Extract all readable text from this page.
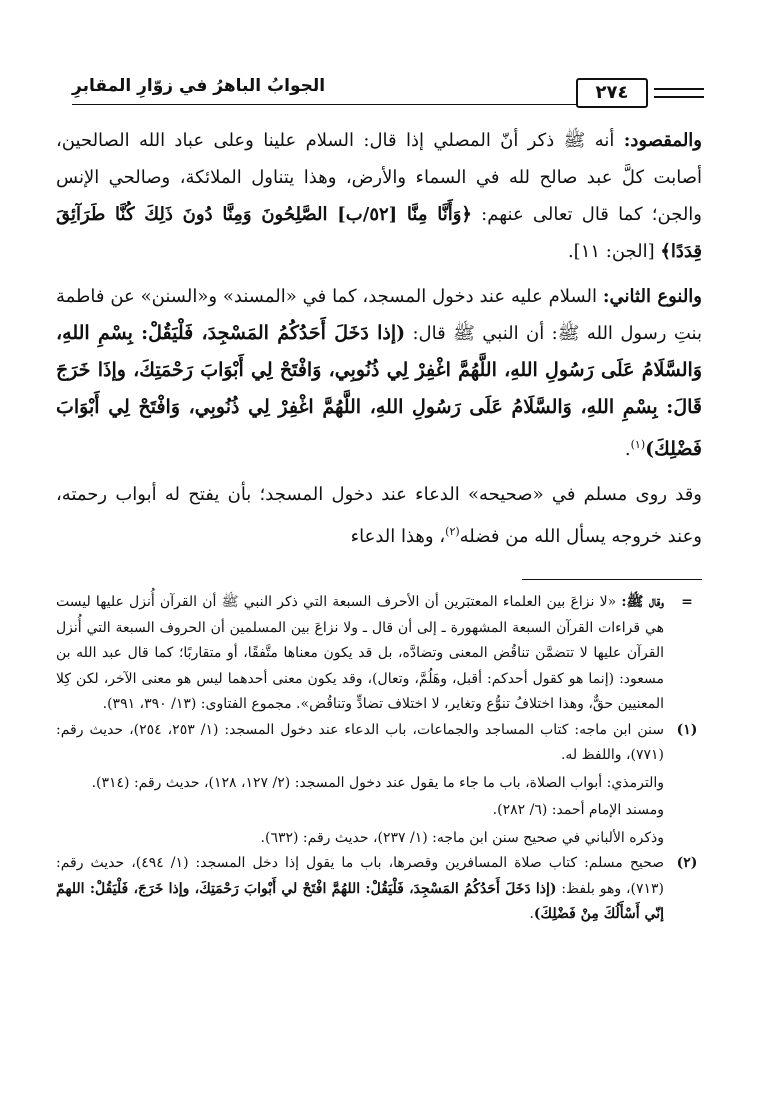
الجوابُ الباهرُ في زوّارِ المقابرِ	٢٧٤

والمقصود: أنه ﷺ ذكر أنّ المصلي إذا قال: السلام علينا وعلى عباد الله الصالحين، أصابت كلَّ عبد صالح لله في السماء والأرض، وهذا يتناول الملائكة، وصالحي الإنس والجن؛ كما قال تعالى عنهم: ﴿وَأَنَّا مِنَّا [٥٢/ب] الصَّلِحُونَ وَمِنَّا دُونَ ذَلِكَ كُنَّا طَرَآئِقَ قِدَدًا﴾ [الجن: ١١].

والنوع الثاني: السلام عليه عند دخول المسجد، كما في «المسند» و«السنن» عن فاطمة بنتِ رسول الله ﷺ: أن النبي ﷺ قال: (إذا دَخَلَ أَحَدُكُمُ المَسْجِدَ، فَلْيَقُلْ: بِسْمِ اللهِ، وَالسَّلَامُ عَلَى رَسُولِ اللهِ، اللَّهُمَّ اغْفِرْ لِي ذُنُوبِي، وَافْتَحْ لِي أَبْوَابَ رَحْمَتِكَ، وإذَا خَرَجَ قَالَ: بِسْمِ اللهِ، وَالسَّلَامُ عَلَى رَسُولِ اللهِ، اللَّهُمَّ اغْفِرْ لِي ذُنُوبِي، وَافْتَحْ لِي أَبْوَابَ فَضْلِكَ)$^{(١)}$.

وقد روى مسلم في «صحيحه» الدعاء عند دخول المسجد؛ بأن يفتح له أبواب رحمته، وعند خروجه يسأل الله من فضله$^{(٢)}$، وهذا الدعاء

=

وقال ﷺ: «لا نزاعَ بين العلماء المعتبَرين أن الأحرف السبعة التي ذكر النبي ﷺ أن القرآن أُنزل عليها ليست هي قراءات القرآن السبعة المشهورة ـ إلى أن قال ـ ولا نزاعَ بين المسلمين أن الحروف السبعة التي أُنزل القرآن عليها لا تتضمَّن تناقُض المعنى وتضادَّه، بل قد يكون معناها متَّفقًا، أو متقاربًا؛ كما قال عبد الله بن مسعود: (إنما هو كقول أحدكم: أقبل، وهَلُمَّ، وتعال)، وقد يكون معنى أحدهما ليس هو معنى الآخر، لكن كِلا المعنيين حقٌّ، وهذا اختلافُ تنوُّع وتغاير، لا اختلاف تضادٍّ وتناقُض». مجموع الفتاوى: (١٣/ ٣٩٠، ٣٩١).

(١)

سنن ابن ماجه: كتاب المساجد والجماعات، باب الدعاء عند دخول المسجد: (١/ ٢٥٣، ٢٥٤)، حديث رقم: (٧٧١)، واللفظ له.

والترمذي: أبواب الصلاة، باب ما جاء ما يقول عند دخول المسجد: (٢/ ١٢٧، ١٢٨)، حديث رقم: (٣١٤).

ومسند الإمام أحمد: (٦/ ٢٨٢).

وذكره الألباني في صحيح سنن ابن ماجه: (١/ ٢٣٧)، حديث رقم: (٦٣٢).

(٢)

صحيح مسلم: كتاب صلاة المسافرين وقصرها، باب ما يقول إذا دخل المسجد: (١/ ٤٩٤)، حديث رقم: (٧١٣)، وهو بلفظ: (إذا دَخَلَ أَحَدُكُمُ المَسْجِدَ، فَلْيَقُلْ: اللهُمَّ افْتَحْ لي أَبْوابَ رَحْمَتِكَ، وإذا خَرَجَ، فَلْيَقُلْ: اللهمّ إنّي أَسْأَلُكَ مِنْ فَضْلِكَ).
